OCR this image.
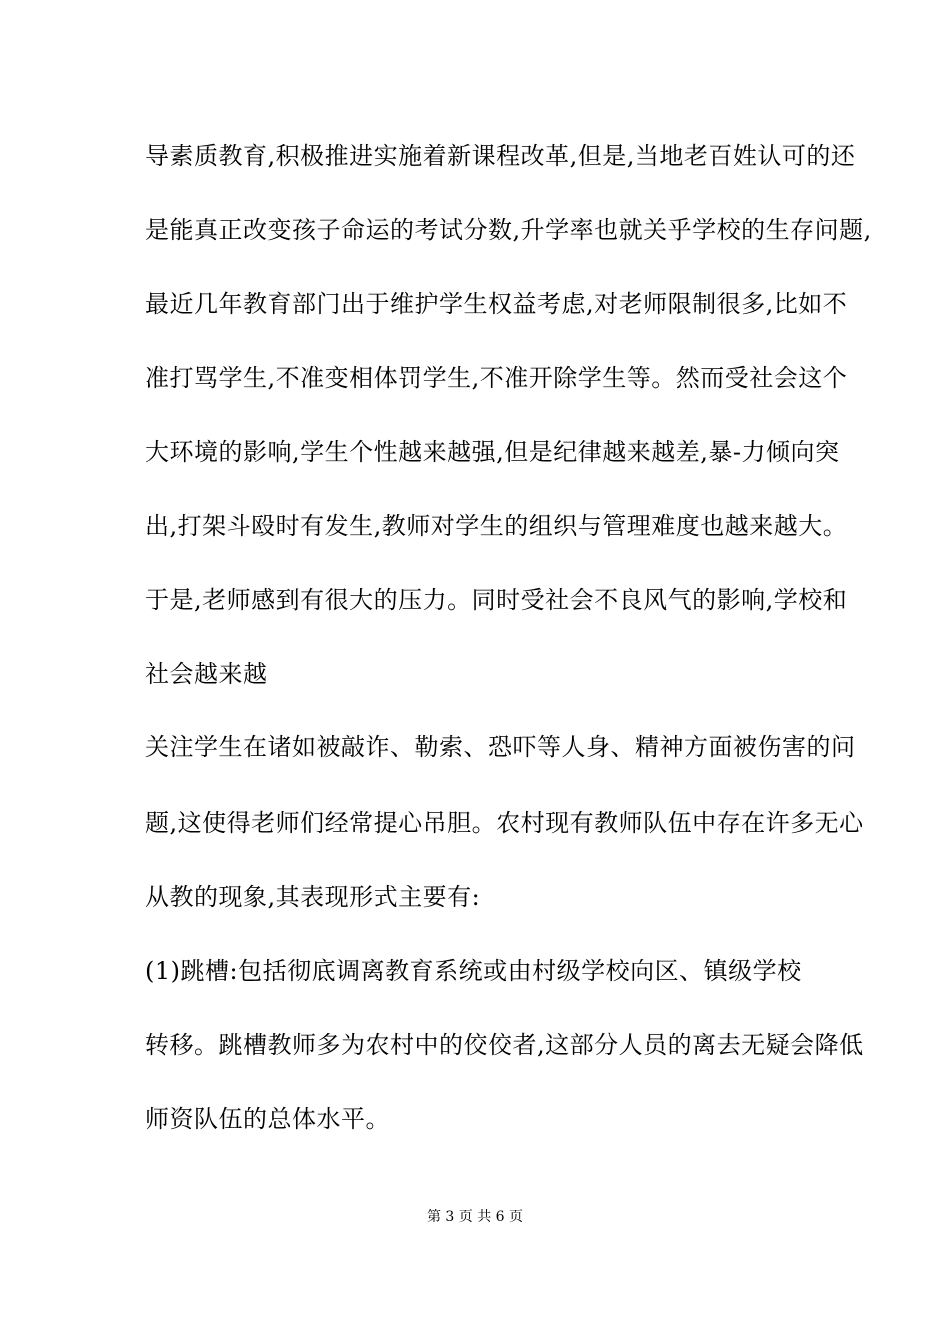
导素质教育,积极推进实施着新课程改革,但是,当地老百姓认可的还
是能真正改变孩子命运的考试分数,升学率也就关乎学校的生存问题,
最近几年教育部门出于维护学生权益考虑,对老师限制很多,比如不
准打骂学生,不准变相体罚学生,不准开除学生等。然而受社会这个
大环境的影响,学生个性越来越强,但是纪律越来越差,暴-力倾向突
出,打架斗殴时有发生,教师对学生的组织与管理难度也越来越大。
于是,老师感到有很大的压力。同时受社会不良风气的影响,学校和
社会越来越
关注学生在诸如被敲诈、勒索、恐吓等人身、精神方面被伤害的问
题,这使得老师们经常提心吊胆。农村现有教师队伍中存在许多无心
从教的现象,其表现形式主要有:
(1)跳槽:包括彻底调离教育系统或由村级学校向区、镇级学校
转移。跳槽教师多为农村中的佼佼者,这部分人员的离去无疑会降低
师资队伍的总体水平。
第 3 页 共 6 页
